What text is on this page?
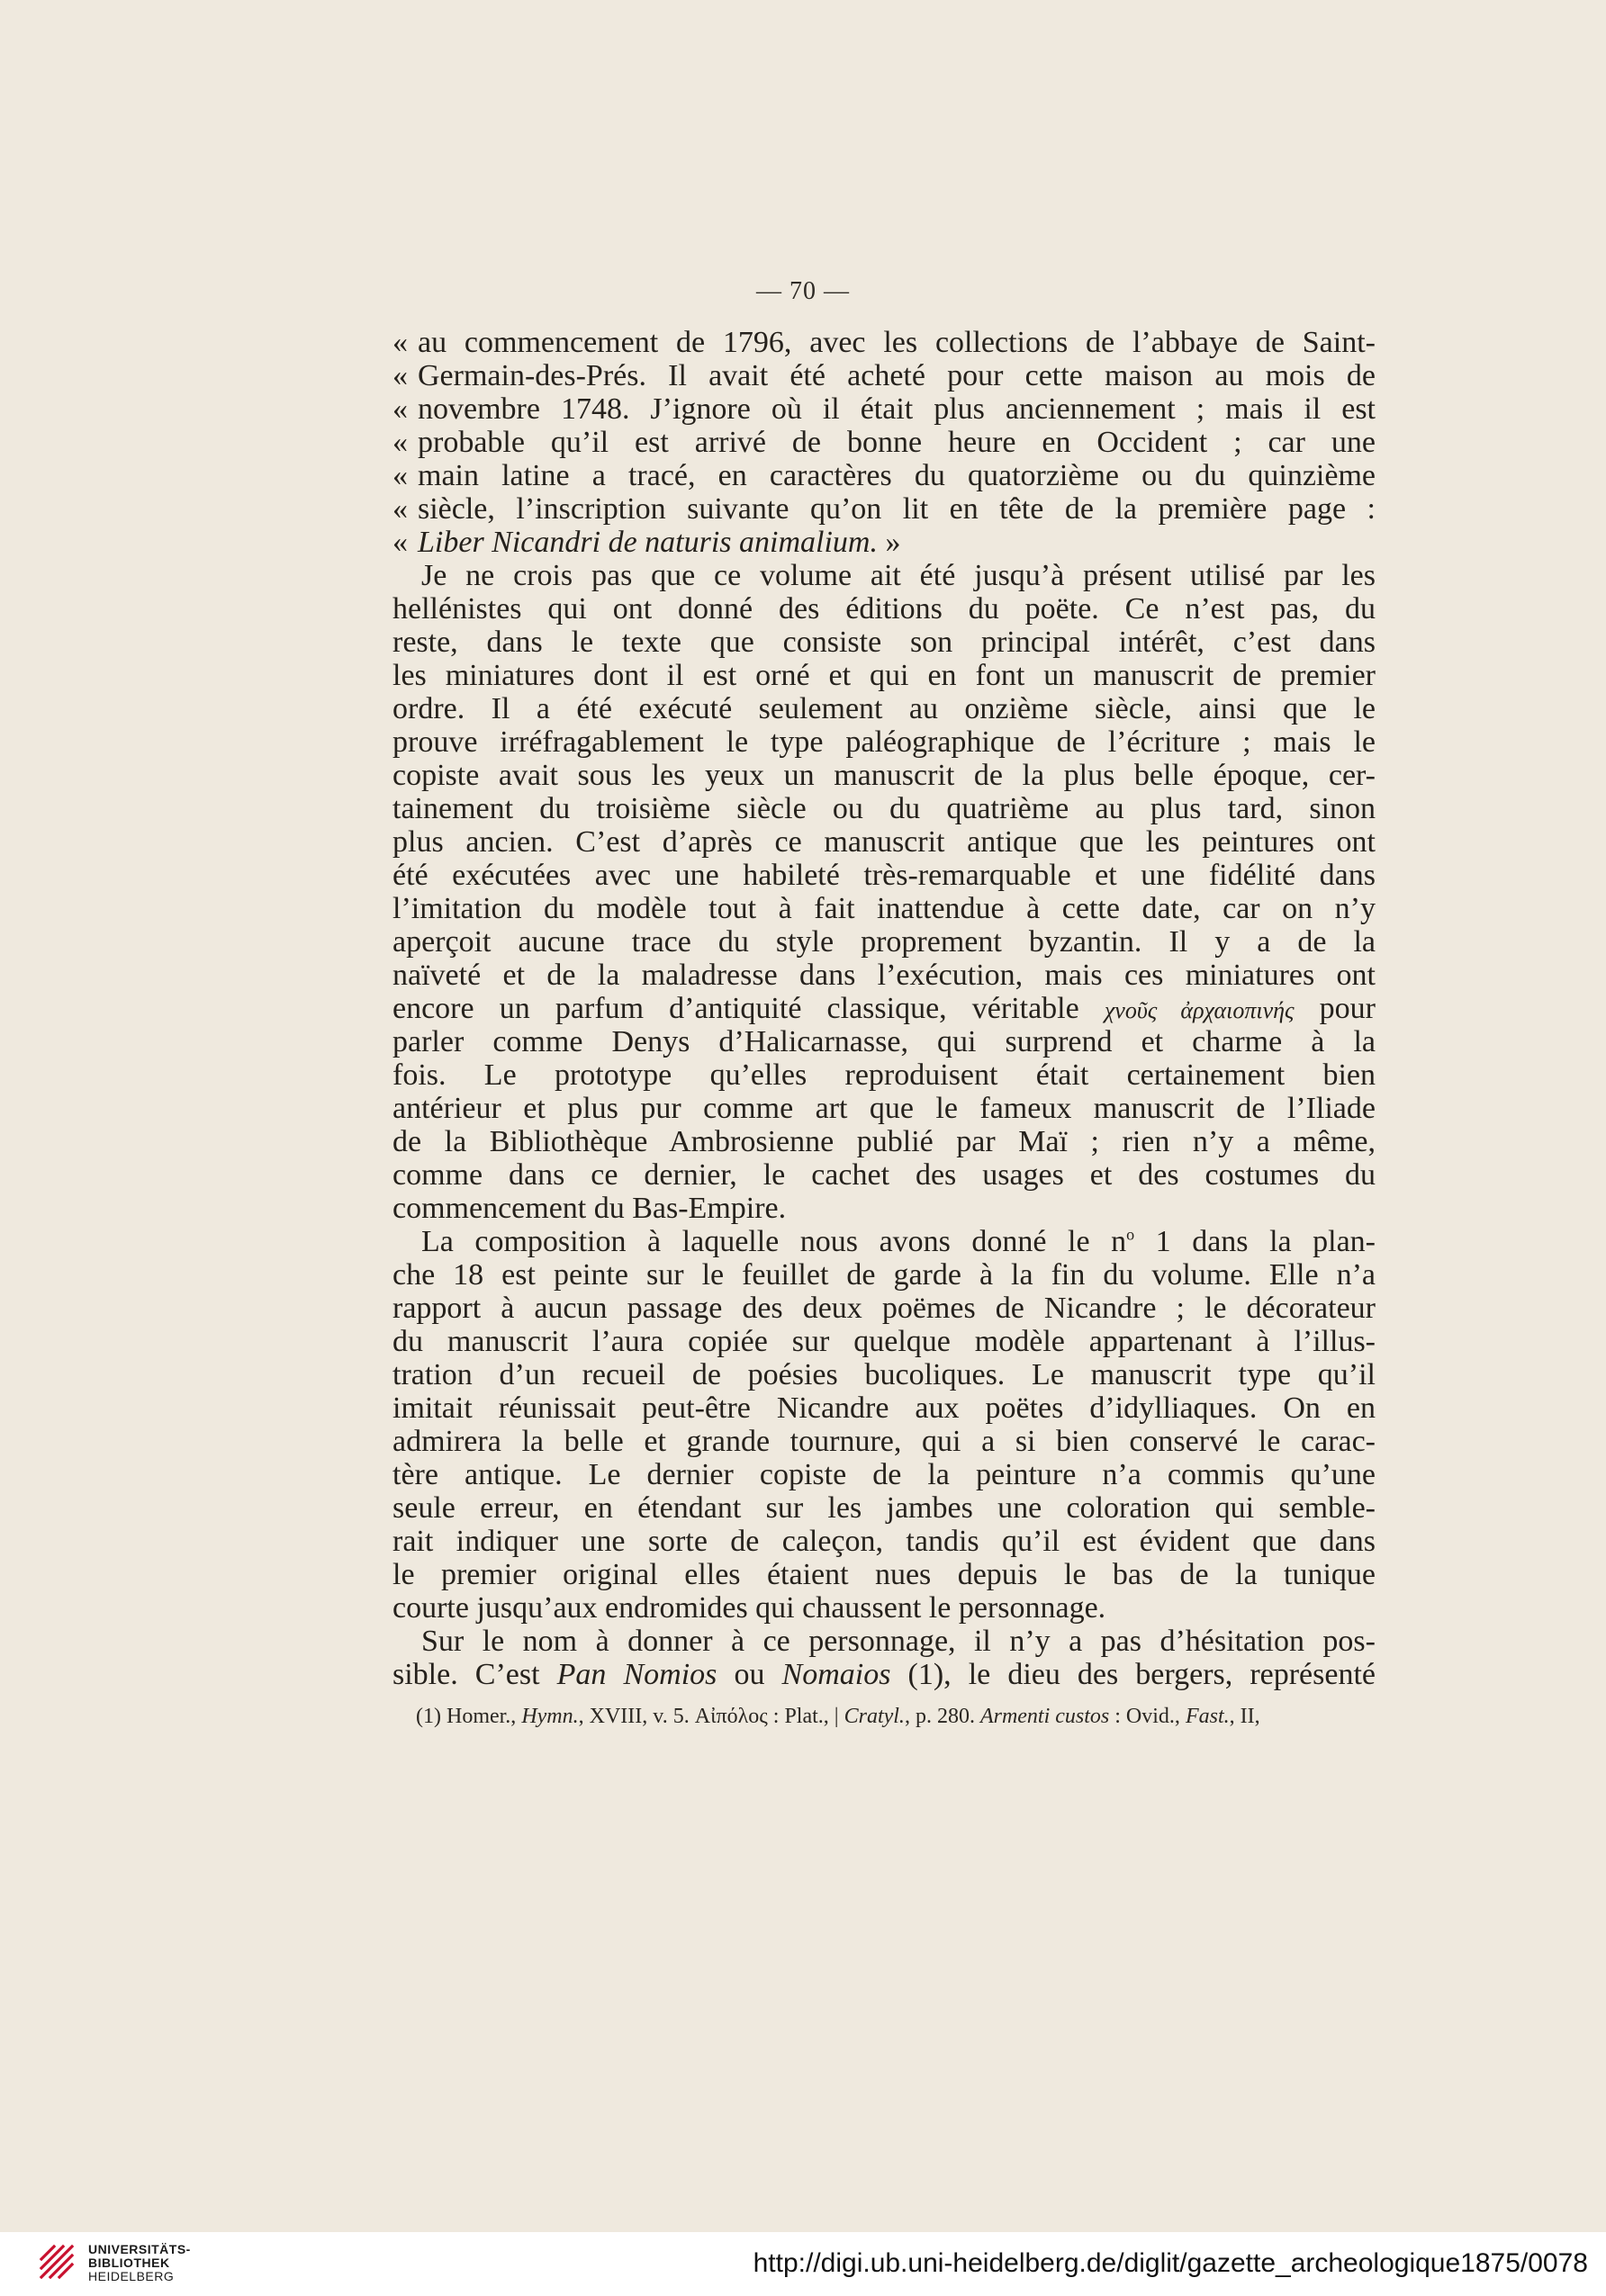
— 70 —
« au commencement de 1796, avec les collections de l’abbaye de Saint-
« Germain-des-Prés. Il avait été acheté pour cette maison au mois de
« novembre 1748. J’ignore où il était plus anciennement ; mais il est
« probable qu’il est arrivé de bonne heure en Occident ; car une
« main latine a tracé, en caractères du quatorzième ou du quinzième
« siècle, l’inscription suivante qu’on lit en tête de la première page :
« Liber Nicandri de naturis animalium. »
Je ne crois pas que ce volume ait été jusqu’à présent utilisé par les
hellénistes qui ont donné des éditions du poëte. Ce n’est pas, du
reste, dans le texte que consiste son principal intérêt, c’est dans
les miniatures dont il est orné et qui en font un manuscrit de premier
ordre. Il a été exécuté seulement au onzième siècle, ainsi que le
prouve irréfragablement le type paléographique de l’écriture ; mais le
copiste avait sous les yeux un manuscrit de la plus belle époque, cer-
tainement du troisième siècle ou du quatrième au plus tard, sinon
plus ancien. C’est d’après ce manuscrit antique que les peintures ont
été exécutées avec une habileté très-remarquable et une fidélité dans
l’imitation du modèle tout à fait inattendue à cette date, car on n’y
aperçoit aucune trace du style proprement byzantin. Il y a de la
naïveté et de la maladresse dans l’exécution, mais ces miniatures ont
encore un parfum d’antiquité classique, véritable χνοῦς ἀρχαιοπινής pour
parler comme Denys d’Halicarnasse, qui surprend et charme à la
fois. Le prototype qu’elles reproduisent était certainement bien
antérieur et plus pur comme art que le fameux manuscrit de l’Iliade
de la Bibliothèque Ambrosienne publié par Maï ; rien n’y a même,
comme dans ce dernier, le cachet des usages et des costumes du
commencement du Bas-Empire.
La composition à laquelle nous avons donné le $n^o$ 1 dans la plan-
che 18 est peinte sur le feuillet de garde à la fin du volume. Elle n’a
rapport à aucun passage des deux poëmes de Nicandre ; le décorateur
du manuscrit l’aura copiée sur quelque modèle appartenant à l’illus-
tration d’un recueil de poésies bucoliques. Le manuscrit type qu’il
imitait réunissait peut-être Nicandre aux poëtes d’idylliaques. On en
admirera la belle et grande tournure, qui a si bien conservé le carac-
tère antique. Le dernier copiste de la peinture n’a commis qu’une
seule erreur, en étendant sur les jambes une coloration qui semble-
rait indiquer une sorte de caleçon, tandis qu’il est évident que dans
le premier original elles étaient nues depuis le bas de la tunique
courte jusqu’aux endromides qui chaussent le personnage.
Sur le nom à donner à ce personnage, il n’y a pas d’hésitation pos-
sible. C’est Pan Nomios ou Nomaios (1), le dieu des bergers, représenté
(1) Homer., Hymn., XVIII, v. 5. Αἰπόλος : Plat., | Cratyl., p. 280. Armenti custos : Ovid., Fast., II,
UNIVERSITÄTS-
BIBLIOTHEK
HEIDELBERG	http://digi.ub.uni-heidelberg.de/diglit/gazette_archeologique1875/0078
